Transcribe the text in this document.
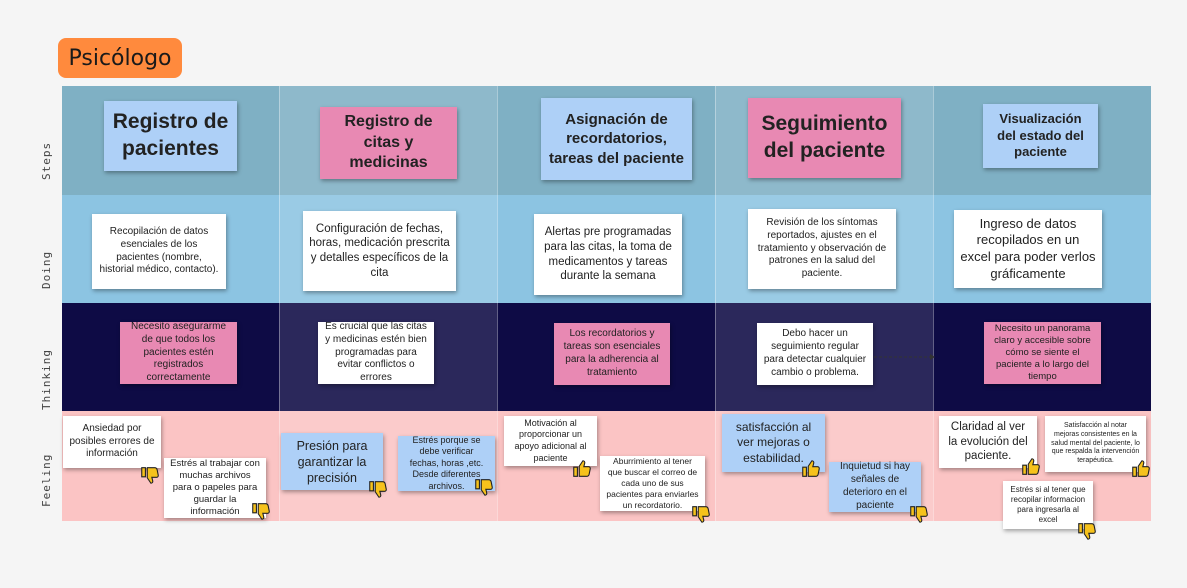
Psicólogo
Steps
Doing
Thinking
Feeling
Registro de pacientes
Registro de citas y medicinas
Asignación de recordatorios, tareas del paciente
Seguimiento del paciente
Visualización del estado del paciente
Recopilación de datos esenciales de los pacientes (nombre, historial médico, contacto).
Configuración de fechas, horas, medicación prescrita y detalles específicos de la cita
Alertas pre programadas para las citas, la toma de medicamentos y tareas durante la semana
Revisión de los síntomas reportados, ajustes en el tratamiento y observación de patrones en la salud del paciente.
Ingreso de datos recopilados en un excel para poder verlos gráficamente
Necesito asegurarme de que todos los pacientes estén registrados correctamente
Es crucial que las citas y medicinas estén bien programadas para evitar conflictos o errores
Los recordatorios y tareas son esenciales para la adherencia al tratamiento
Debo hacer un seguimiento regular para detectar cualquier cambio o problema.
Necesito un panorama claro y accesible sobre cómo se siente el paciente a lo largo del tiempo
Ansiedad por posibles errores de información
Estrés al trabajar con muchas archivos para o papeles para guardar la información
Presión para garantizar la precisión
Estrés porque se debe verificar fechas, horas ,etc. Desde diferentes archivos.
Motivación al proporcionar un apoyo adicional al paciente	Aburrimiento al tener que buscar el correo de cada uno de sus pacientes para enviarles un recordatorio.
satisfacción al ver mejoras o estabilidad.
Inquietud si hay señales de deterioro en el paciente
Claridad al ver la evolución del paciente.
Satisfacción al notar mejoras consistentes en la salud mental del paciente, lo que respalda la intervención terapéutica.
Estrés si al tener que recopilar informacion para ingresarla al excel
